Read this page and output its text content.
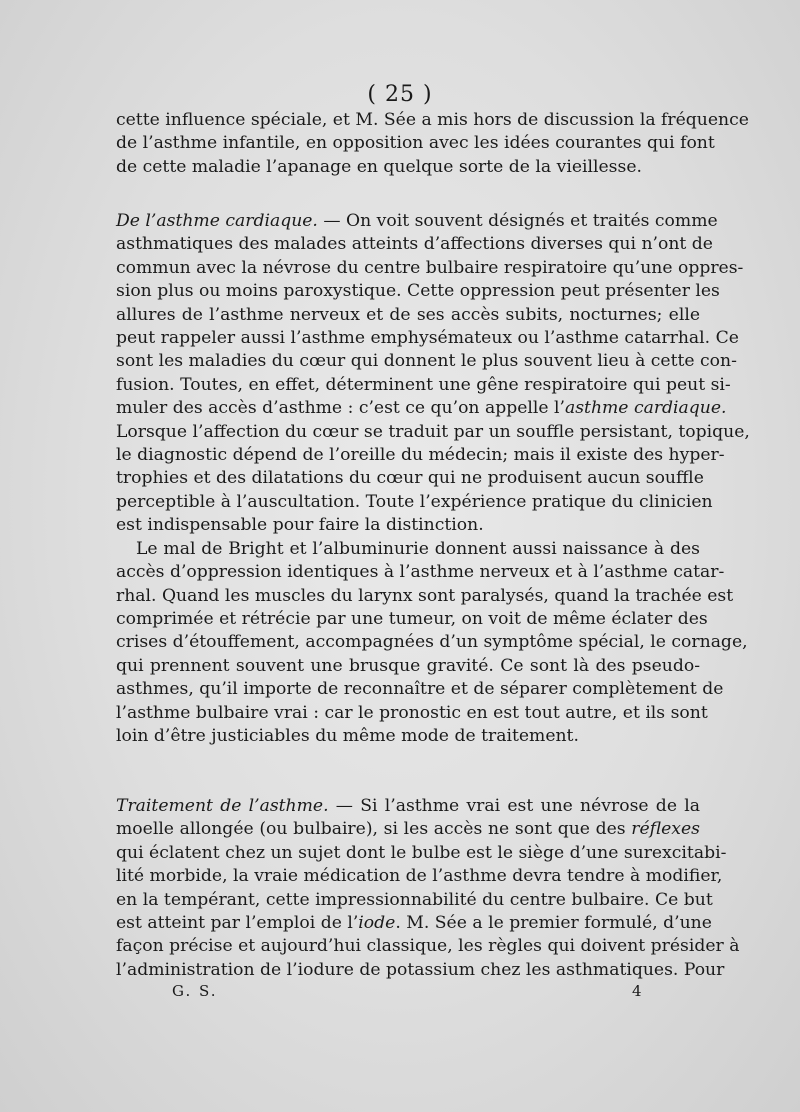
( 25 )
cette influence spéciale, et M. Sée a mis hors de discussion la fréquence
de l’asthme infantile, en opposition avec les idées courantes qui font
de cette maladie l’apanage en quelque sorte de la vieillesse.
De l’asthme cardiaque. — On voit souvent désignés et traités comme
asthmatiques des malades atteints d’affections diverses qui n’ont de
commun avec la névrose du centre bulbaire respiratoire qu’une oppres-
sion plus ou moins paroxystique. Cette oppression peut présenter les
allures de l’asthme nerveux et de ses accès subits, nocturnes; elle
peut rappeler aussi l’asthme emphysémateux ou l’asthme catarrhal. Ce
sont les maladies du cœur qui donnent le plus souvent lieu à cette con-
fusion. Toutes, en effet, déterminent une gêne respiratoire qui peut si-
muler des accès d’asthme : c’est ce qu’on appelle l’asthme cardiaque.
Lorsque l’affection du cœur se traduit par un souffle persistant, topique,
le diagnostic dépend de l’oreille du médecin; mais il existe des hyper-
trophies et des dilatations du cœur qui ne produisent aucun souffle
perceptible à l’auscultation. Toute l’expérience pratique du clinicien
est indispensable pour faire la distinction.
Le mal de Bright et l’albuminurie donnent aussi naissance à des
accès d’oppression identiques à l’asthme nerveux et à l’asthme catar-
rhal. Quand les muscles du larynx sont paralysés, quand la trachée est
comprimée et rétrécie par une tumeur, on voit de même éclater des
crises d’étouffement, accompagnées d’un symptôme spécial, le cornage,
qui prennent souvent une brusque gravité. Ce sont là des pseudo-
asthmes, qu’il importe de reconnaître et de séparer complètement de
l’asthme bulbaire vrai : car le pronostic en est tout autre, et ils sont
loin d’être justiciables du même mode de traitement.
Traitement de l’asthme. — Si l’asthme vrai est une névrose de la
moelle allongée (ou bulbaire), si les accès ne sont que des réflexes
qui éclatent chez un sujet dont le bulbe est le siège d’une surexcitabi-
lité morbide, la vraie médication de l’asthme devra tendre à modifier,
en la tempérant, cette impressionnabilité du centre bulbaire. Ce but
est atteint par l’emploi de l’iode. M. Sée a le premier formulé, d’une
façon précise et aujourd’hui classique, les règles qui doivent présider à
l’administration de l’iodure de potassium chez les asthmatiques. Pour
G. S.	4
